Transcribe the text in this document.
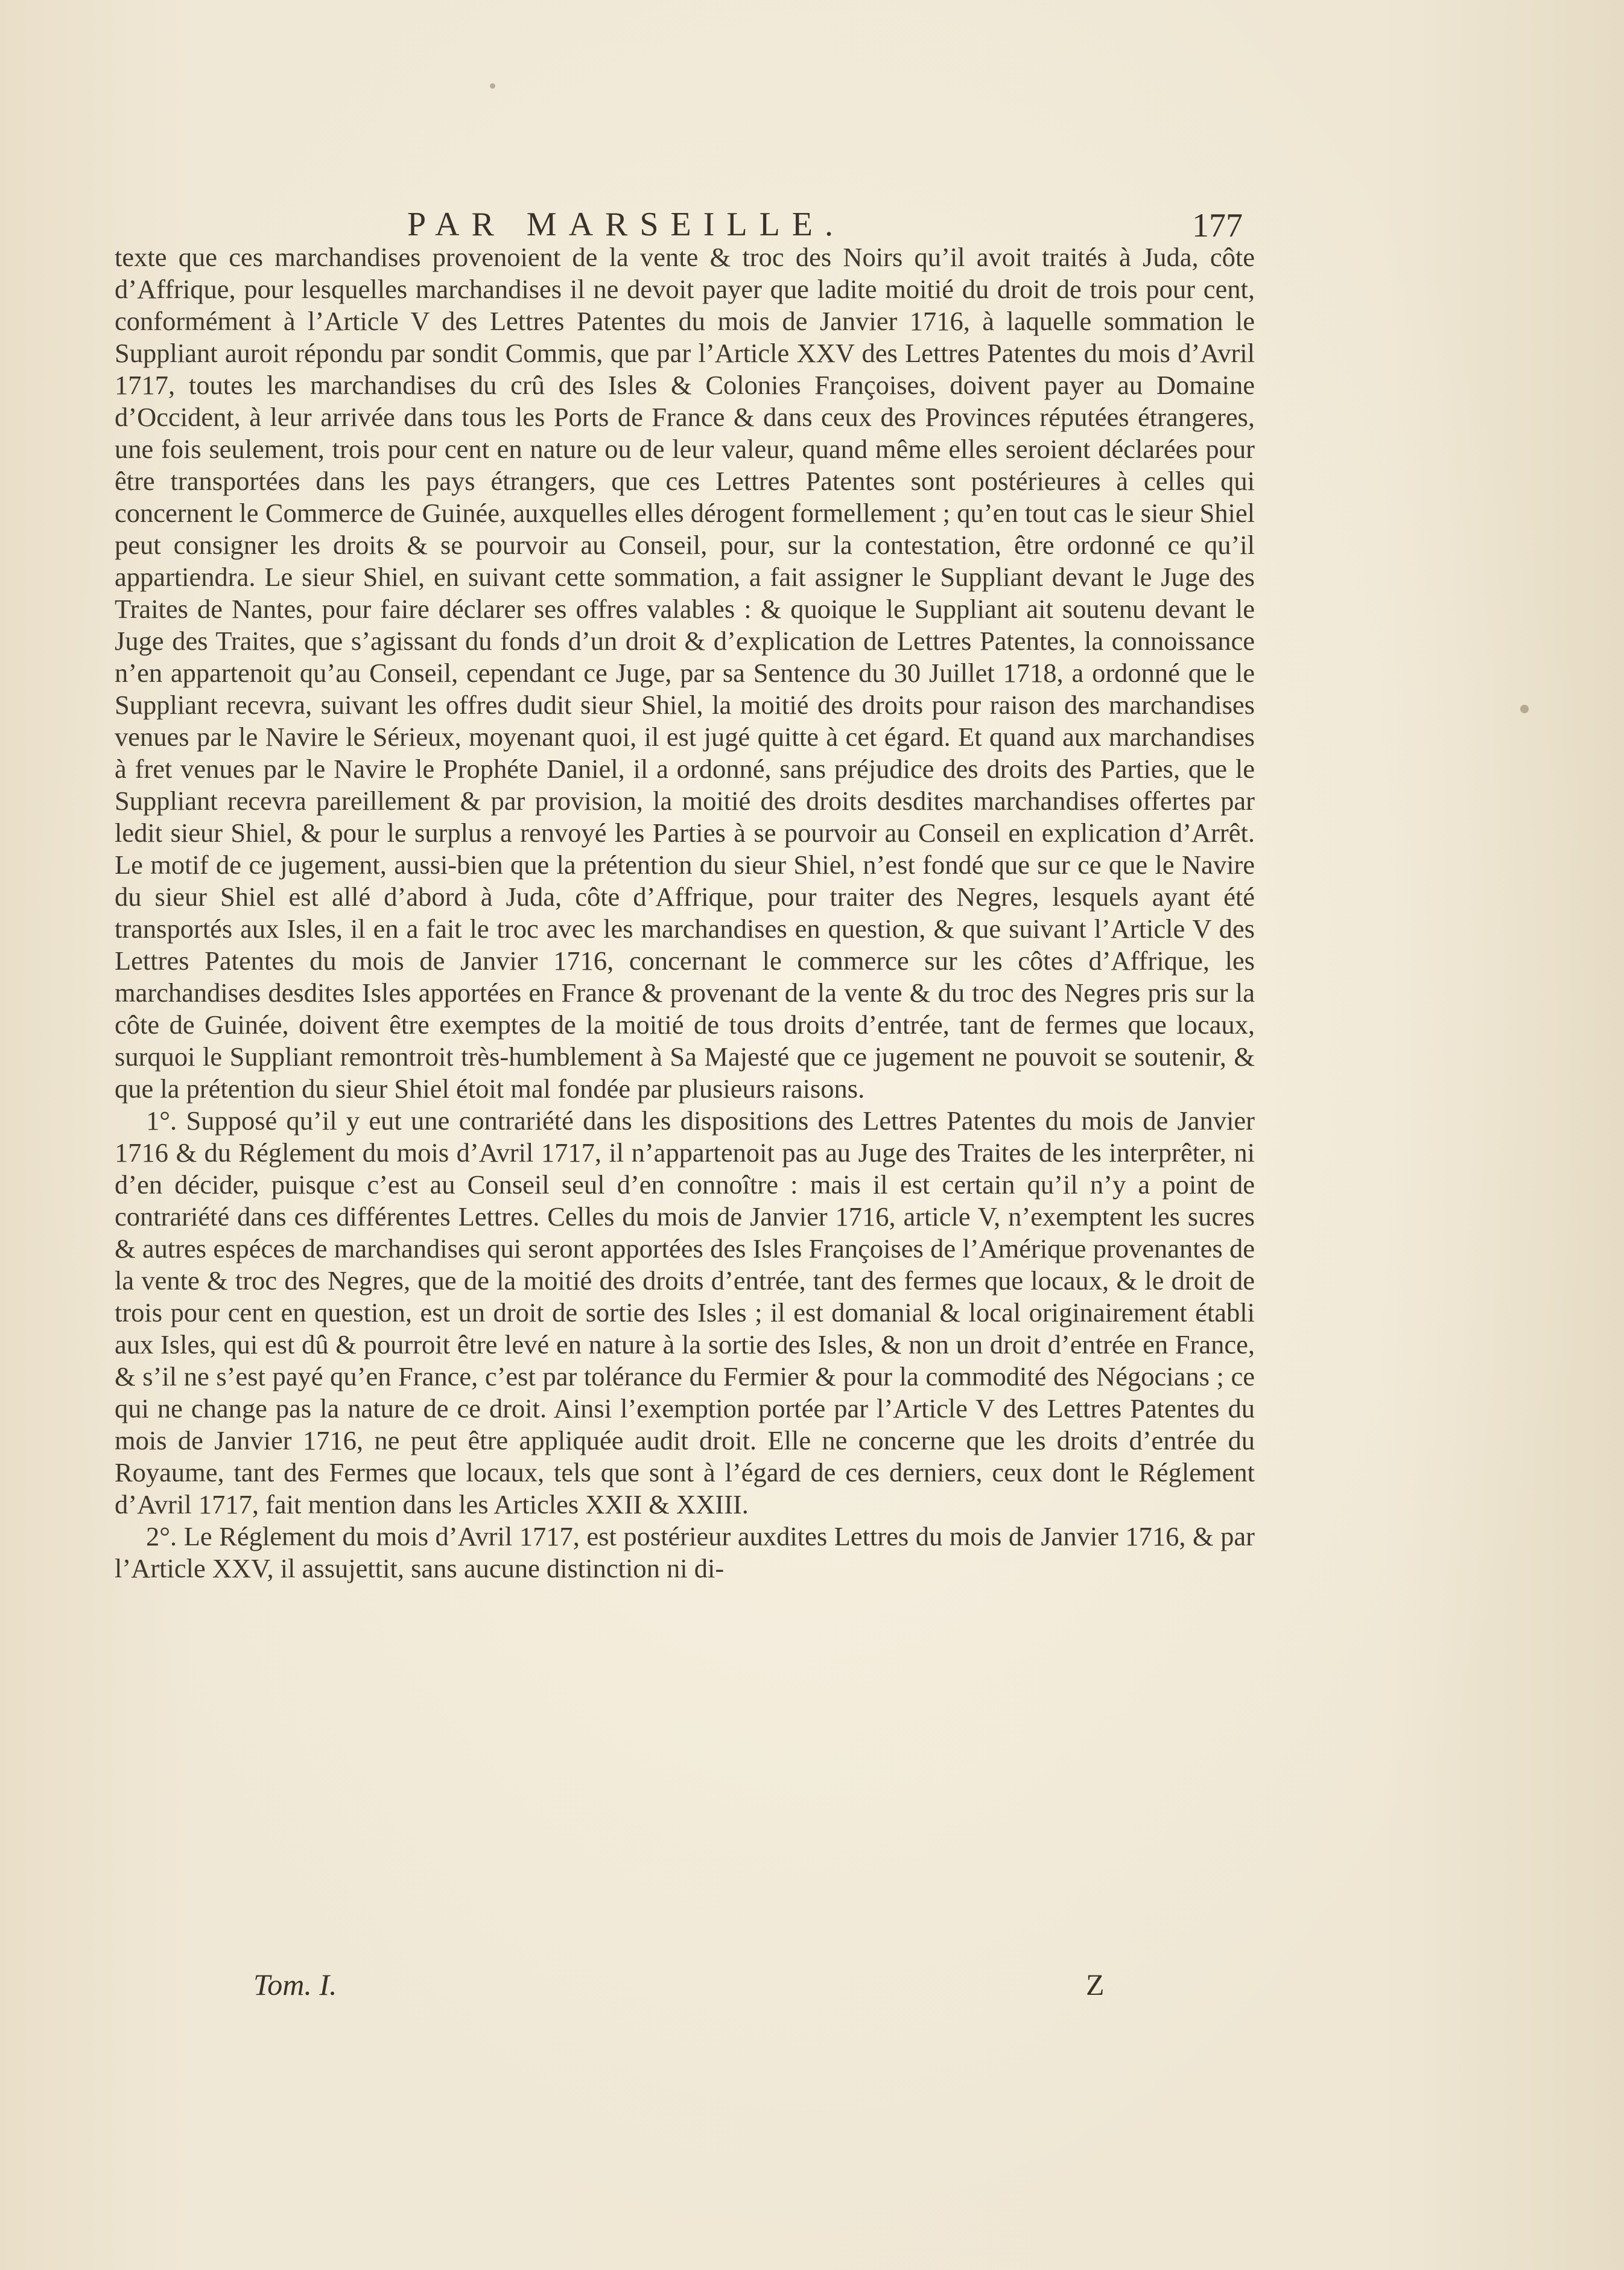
PAR MARSEILLE.	177

texte que ces marchandises provenoient de la vente & troc des Noirs qu’il avoit traités à Juda, côte d’Affrique, pour lesquelles marchandises il ne devoit payer que ladite moitié du droit de trois pour cent, conformément à l’Article V des Lettres Patentes du mois de Janvier 1716, à laquelle sommation le Suppliant auroit répondu par sondit Commis, que par l’Article XXV des Lettres Patentes du mois d’Avril 1717, toutes les marchandises du crû des Isles & Colonies Françoises, doivent payer au Domaine d’Occident, à leur arrivée dans tous les Ports de France & dans ceux des Provinces réputées étrangeres, une fois seulement, trois pour cent en nature ou de leur valeur, quand même elles seroient déclarées pour être transportées dans les pays étrangers, que ces Lettres Patentes sont postérieures à celles qui concernent le Commerce de Guinée, auxquelles elles dérogent formellement ; qu’en tout cas le sieur Shiel peut consigner les droits & se pourvoir au Conseil, pour, sur la contestation, être ordonné ce qu’il appartiendra. Le sieur Shiel, en suivant cette sommation, a fait assigner le Suppliant devant le Juge des Traites de Nantes, pour faire déclarer ses offres valables : & quoique le Suppliant ait soutenu devant le Juge des Traites, que s’agissant du fonds d’un droit & d’explication de Lettres Patentes, la connoissance n’en appartenoit qu’au Conseil, cependant ce Juge, par sa Sentence du 30 Juillet 1718, a ordonné que le Suppliant recevra, suivant les offres dudit sieur Shiel, la moitié des droits pour raison des marchandises venues par le Navire le Sérieux, moyenant quoi, il est jugé quitte à cet égard. Et quand aux marchandises à fret venues par le Navire le Prophéte Daniel, il a ordonné, sans préjudice des droits des Parties, que le Suppliant recevra pareillement & par provision, la moitié des droits desdites marchandises offertes par ledit sieur Shiel, & pour le surplus a renvoyé les Parties à se pourvoir au Conseil en explication d’Arrêt. Le motif de ce jugement, aussi-bien que la prétention du sieur Shiel, n’est fondé que sur ce que le Navire du sieur Shiel est allé d’abord à Juda, côte d’Affrique, pour traiter des Negres, lesquels ayant été transportés aux Isles, il en a fait le troc avec les marchandises en question, & que suivant l’Article V des Lettres Patentes du mois de Janvier 1716, concernant le commerce sur les côtes d’Affrique, les marchandises desdites Isles apportées en France & provenant de la vente & du troc des Negres pris sur la côte de Guinée, doivent être exemptes de la moitié de tous droits d’entrée, tant de fermes que locaux, surquoi le Suppliant remontroit très-humblement à Sa Majesté que ce jugement ne pouvoit se soutenir, & que la prétention du sieur Shiel étoit mal fondée par plusieurs raisons.

1°. Supposé qu’il y eut une contrariété dans les dispositions des Lettres Patentes du mois de Janvier 1716 & du Réglement du mois d’Avril 1717, il n’appartenoit pas au Juge des Traites de les interprêter, ni d’en décider, puisque c’est au Conseil seul d’en connoître : mais il est certain qu’il n’y a point de contrariété dans ces différentes Lettres. Celles du mois de Janvier 1716, article V, n’exemptent les sucres & autres espéces de marchandises qui seront apportées des Isles Françoises de l’Amérique provenantes de la vente & troc des Negres, que de la moitié des droits d’entrée, tant des fermes que locaux, & le droit de trois pour cent en question, est un droit de sortie des Isles ; il est domanial & local originairement établi aux Isles, qui est dû & pourroit être levé en nature à la sortie des Isles, & non un droit d’entrée en France, & s’il ne s’est payé qu’en France, c’est par tolérance du Fermier & pour la commodité des Négocians ; ce qui ne change pas la nature de ce droit. Ainsi l’exemption portée par l’Article V des Lettres Patentes du mois de Janvier 1716, ne peut être appliquée audit droit. Elle ne concerne que les droits d’entrée du Royaume, tant des Fermes que locaux, tels que sont à l’égard de ces derniers, ceux dont le Réglement d’Avril 1717, fait mention dans les Articles XXII & XXIII.

2°. Le Réglement du mois d’Avril 1717, est postérieur auxdites Lettres du mois de Janvier 1716, & par l’Article XXV, il assujettit, sans aucune distinction ni di-

Tom. I.	Z
